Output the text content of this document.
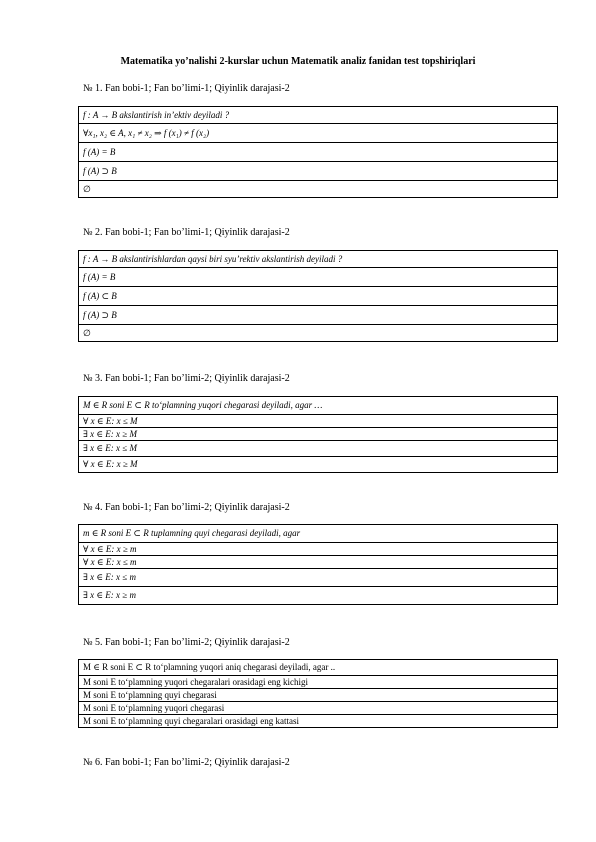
Matematika yo’nalishi 2-kurslar uchun Matematik analiz fanidan test topshiriqlari
№ 1. Fan bobi-1; Fan bo’limi-1; Qiyinlik darajasi-2
f : A → B akslantirish in’ektiv deyiladi ?
∀x₁, x₂ ∈ A, x₁ ≠ x₂ ⇒ f (x₁) ≠ f (x₂)
f (A) = B
f (A) ⊃ B
∅
№ 2. Fan bobi-1; Fan bo’limi-1; Qiyinlik darajasi-2
f : A → B akslantirishlardan qaysi biri syu’rektiv akslantirish deyiladi ?
f (A) = B
f (A) ⊂ B
f (A) ⊃ B
∅
№ 3. Fan bobi-1; Fan bo’limi-2; Qiyinlik darajasi-2
M ∈ R soni E ⊂ R to‘plamning yuqori chegarasi deyiladi, agar …
∀ x ∈ E: x ≤ M
∃ x ∈ E: x ≥ M
∃ x ∈ E: x ≤ M
∀ x ∈ E: x ≥ M
№ 4. Fan bobi-1; Fan bo’limi-2; Qiyinlik darajasi-2
m ∈ R soni E ⊂ R tuplamning quyi chegarasi deyiladi, agar
∀ x ∈ E: x ≥ m
∀ x ∈ E: x ≤ m
∃ x ∈ E: x ≤ m
∃ x ∈ E: x ≥ m
№ 5. Fan bobi-1; Fan bo’limi-2; Qiyinlik darajasi-2
M ∈ R soni E ⊂ R to‘plamning yuqori aniq chegarasi deyiladi, agar ..
M soni E to‘plamning yuqori chegaralari orasidagi eng kichigi
M soni E to‘plamning quyi chegarasi
M soni E to‘plamning yuqori chegarasi
M soni E to‘plamning quyi chegaralari orasidagi eng kattasi
№ 6. Fan bobi-1; Fan bo’limi-2; Qiyinlik darajasi-2
